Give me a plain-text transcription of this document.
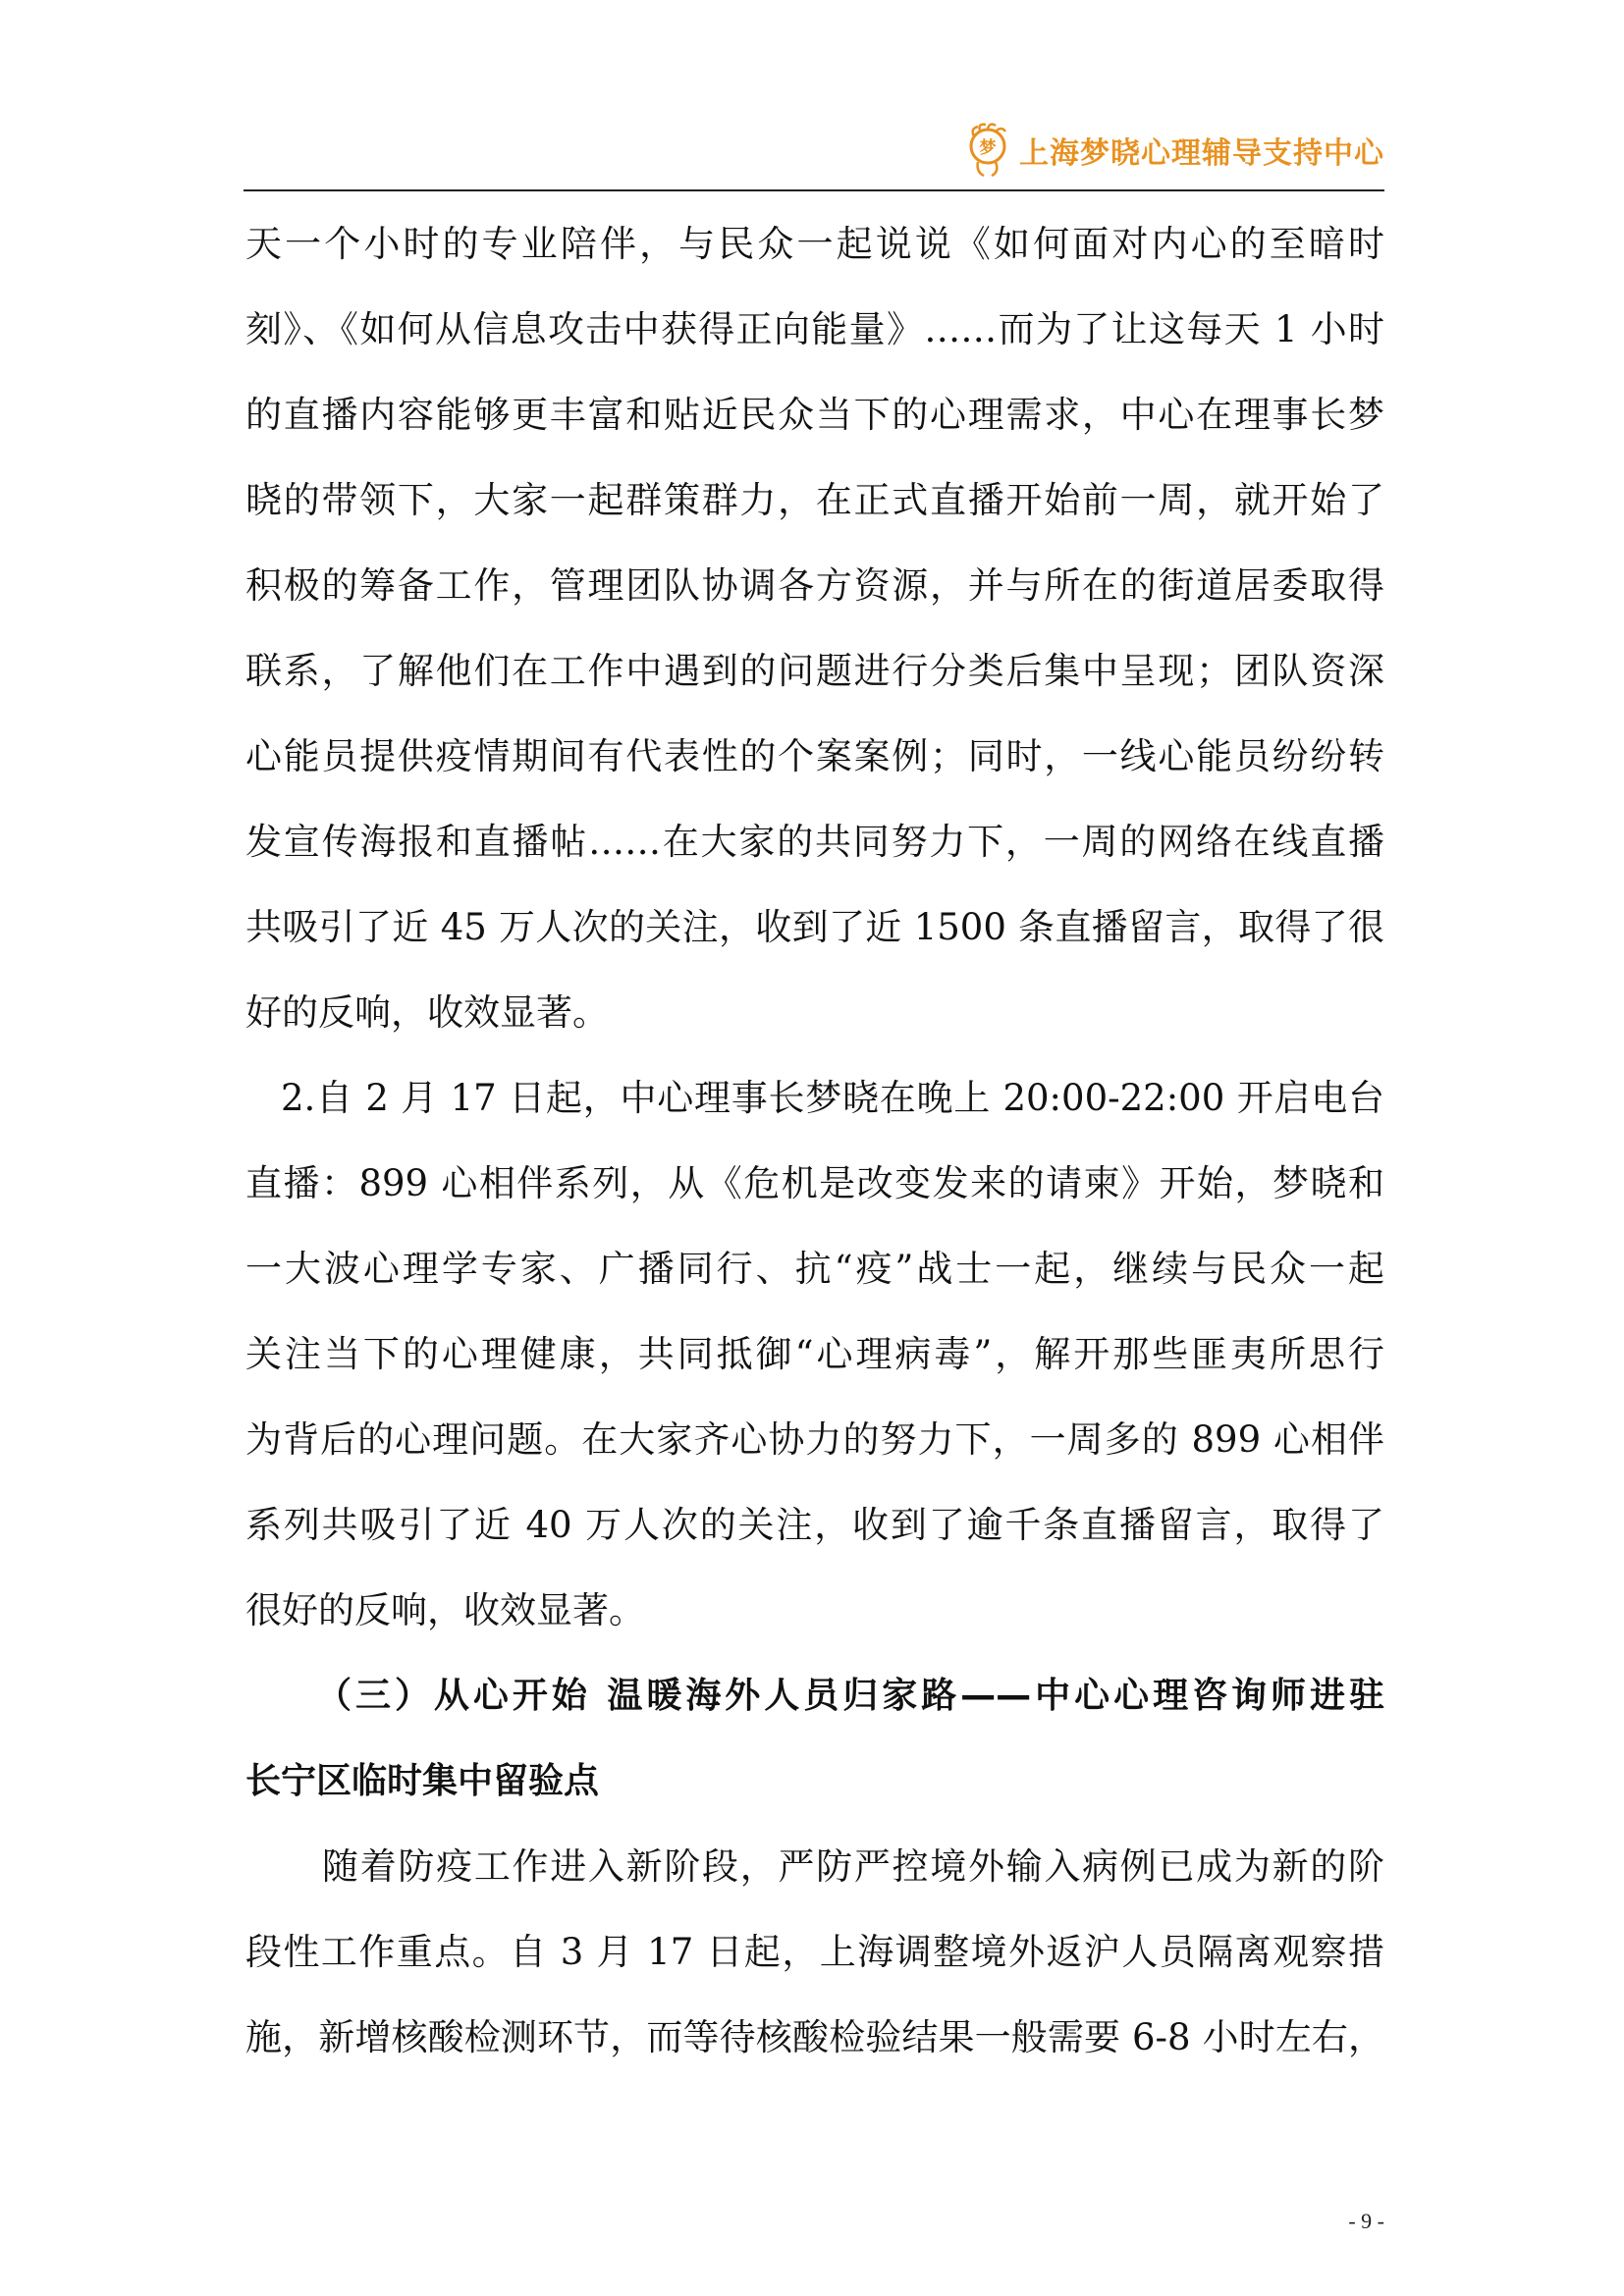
梦 上海梦晓心理辅导支持中心
天一个小时的专业陪伴，与民众一起说说《如何面对内心的至暗时
刻》、《如何从信息攻击中获得正向能量》……而为了让这每天 1 小时
的直播内容能够更丰富和贴近民众当下的心理需求，中心在理事长梦
晓的带领下，大家一起群策群力，在正式直播开始前一周，就开始了
积极的筹备工作，管理团队协调各方资源，并与所在的街道居委取得
联系，了解他们在工作中遇到的问题进行分类后集中呈现；团队资深
心能员提供疫情期间有代表性的个案案例；同时，一线心能员纷纷转
发宣传海报和直播帖……在大家的共同努力下，一周的网络在线直播
共吸引了近 45 万人次的关注，收到了近 1500 条直播留言，取得了很
好的反响，收效显著。
2.自 2 月 17 日起，中心理事长梦晓在晚上 20:00-22:00 开启电台
直播：899 心相伴系列，从《危机是改变发来的请柬》开始，梦晓和
一大波心理学专家、广播同行、抗“疫”战士一起，继续与民众一起
关注当下的心理健康，共同抵御“心理病毒”，解开那些匪夷所思行
为背后的心理问题。在大家齐心协力的努力下，一周多的 899 心相伴
系列共吸引了近 40 万人次的关注，收到了逾千条直播留言，取得了
很好的反响，收效显著。
（三）从心开始 温暖海外人员归家路——中心心理咨询师进驻
长宁区临时集中留验点
随着防疫工作进入新阶段，严防严控境外输入病例已成为新的阶
段性工作重点。自 3 月 17 日起，上海调整境外返沪人员隔离观察措
施，新增核酸检测环节，而等待核酸检验结果一般需要 6-8 小时左右，
- 9 -
